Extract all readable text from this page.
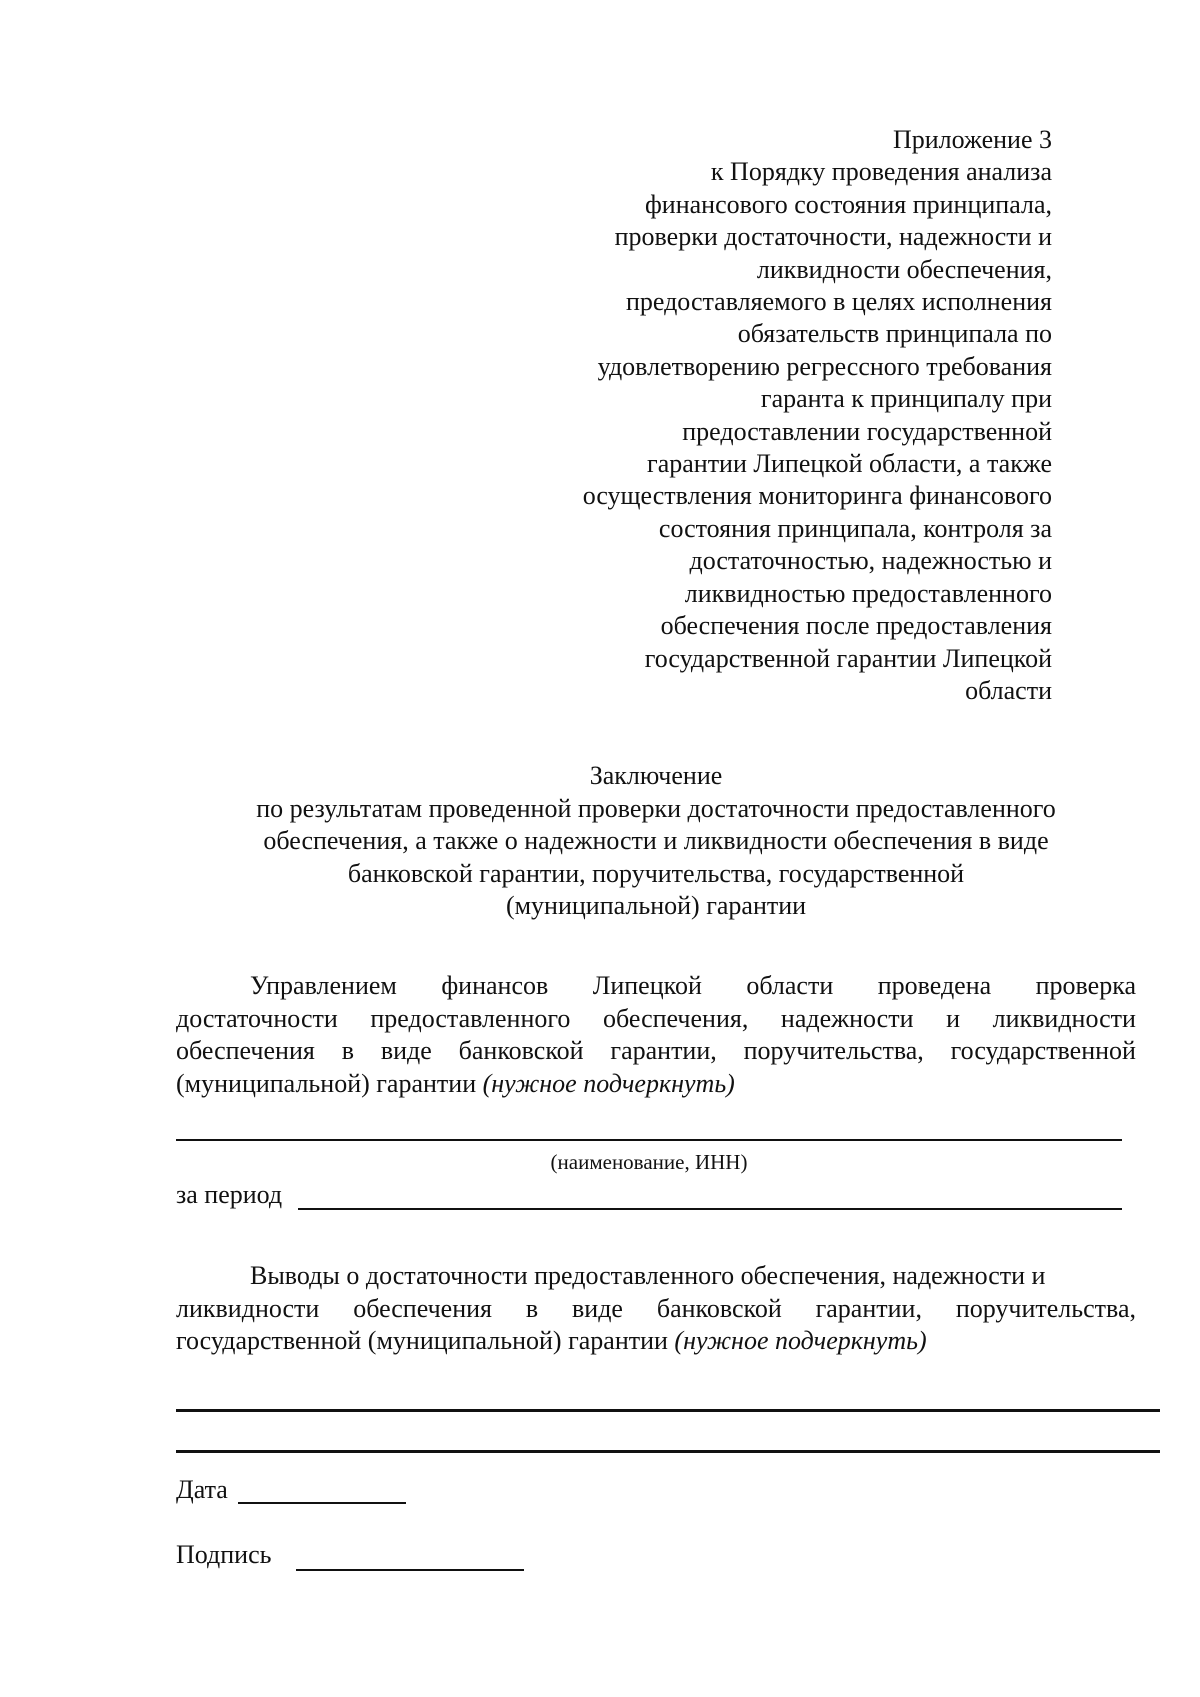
Приложение 3
к Порядку проведения анализа
финансового состояния принципала,
проверки достаточности, надежности и
ликвидности обеспечения,
предоставляемого в целях исполнения
обязательств принципала по
удовлетворению регрессного требования
гаранта к принципалу при
предоставлении государственной
гарантии Липецкой области, а также
осуществления мониторинга финансового
состояния принципала, контроля за
достаточностью, надежностью и
ликвидностью предоставленного
обеспечения после предоставления
государственной гарантии Липецкой
области
Заключение
по результатам проведенной проверки достаточности предоставленного
обеспечения, а также о надежности и ликвидности обеспечения в виде
банковской гарантии, поручительства, государственной
(муниципальной) гарантии
Управлением финансов Липецкой области проведена проверка
достаточности предоставленного обеспечения, надежности и ликвидности
обеспечения в виде банковской гарантии, поручительства, государственной
(муниципальной) гарантии (нужное подчеркнуть)
(наименование, ИНН)
за период
Выводы о достаточности предоставленного обеспечения, надежности и
ликвидности обеспечения в виде банковской гарантии, поручительства,
государственной (муниципальной) гарантии (нужное подчеркнуть)
Дата
Подпись
